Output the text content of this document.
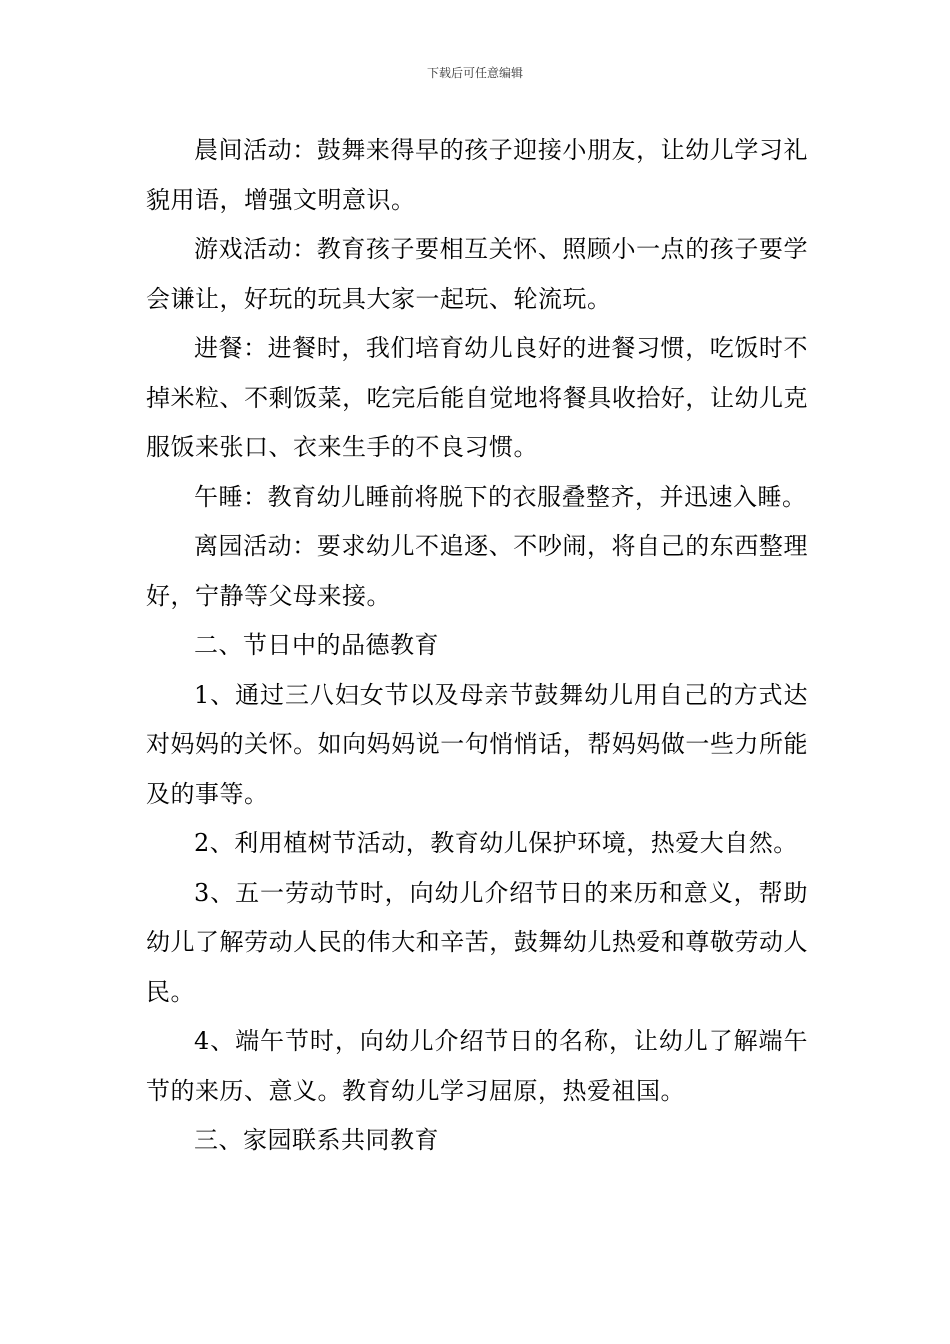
下载后可任意编辑

晨间活动：鼓舞来得早的孩子迎接小朋友，让幼儿学习礼貌用语，增强文明意识。

游戏活动：教育孩子要相互关怀、照顾小一点的孩子要学会谦让，好玩的玩具大家一起玩、轮流玩。

进餐：进餐时，我们培育幼儿良好的进餐习惯，吃饭时不掉米粒、不剩饭菜，吃完后能自觉地将餐具收拾好，让幼儿克服饭来张口、衣来生手的不良习惯。

午睡：教育幼儿睡前将脱下的衣服叠整齐，并迅速入睡。

离园活动：要求幼儿不追逐、不吵闹，将自己的东西整理好，宁静等父母来接。

二、节日中的品德教育

1、通过三八妇女节以及母亲节鼓舞幼儿用自己的方式达对妈妈的关怀。如向妈妈说一句悄悄话，帮妈妈做一些力所能及的事等。

2、利用植树节活动，教育幼儿保护环境，热爱大自然。

3、五一劳动节时，向幼儿介绍节日的来历和意义，帮助幼儿了解劳动人民的伟大和辛苦，鼓舞幼儿热爱和尊敬劳动人民。

4、端午节时，向幼儿介绍节日的名称，让幼儿了解端午节的来历、意义。教育幼儿学习屈原，热爱祖国。

三、家园联系共同教育
